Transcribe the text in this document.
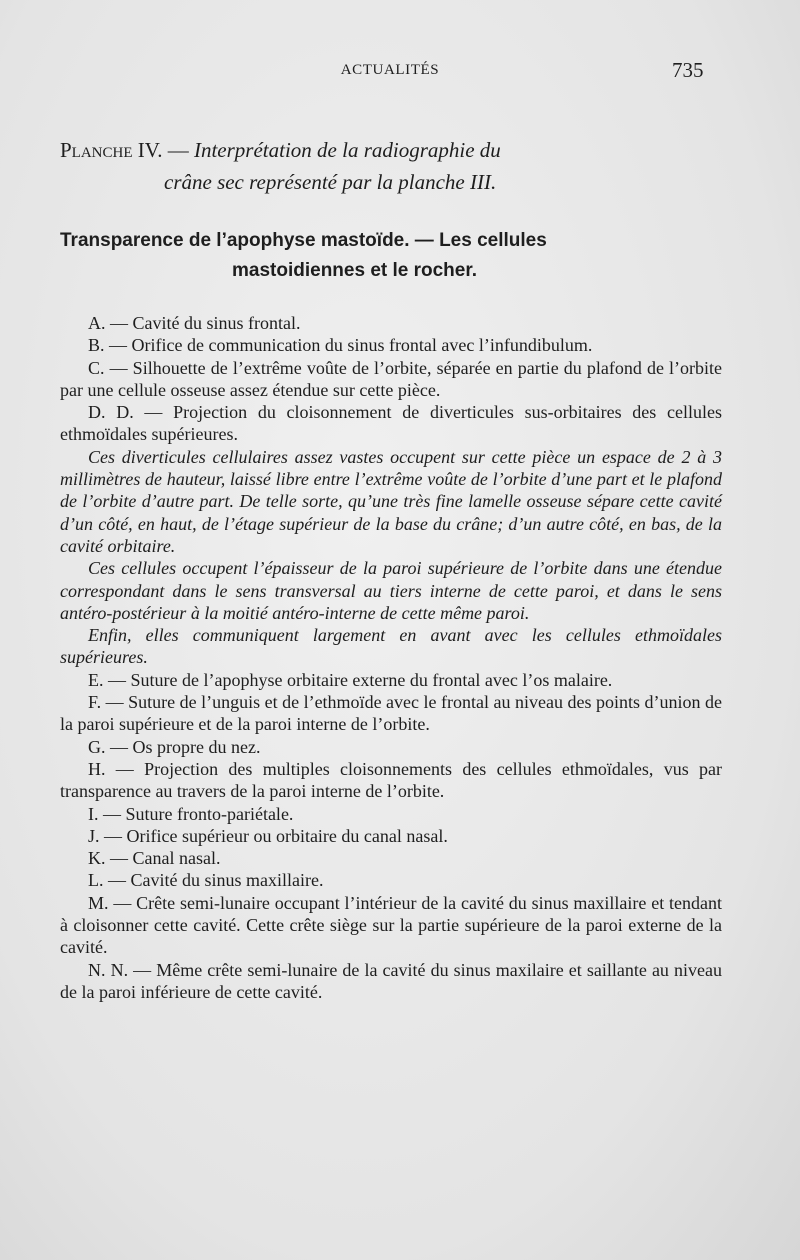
ACTUALITÉS	735
Planche IV. — Interprétation de la radiographie du
crâne sec représenté par la planche III.
Transparence de l’apophyse mastoïde. — Les cellules
mastoidiennes et le rocher.

A. — Cavité du sinus frontal.

B. — Orifice de communication du sinus frontal avec l’infundibulum.

C. — Silhouette de l’extrême voûte de l’orbite, séparée en partie du plafond de l’orbite par une cellule osseuse assez étendue sur cette pièce.

D. D. — Projection du cloisonnement de diverticules sus-orbitaires des cellules ethmoïdales supérieures.

Ces diverticules cellulaires assez vastes occupent sur cette pièce un espace de 2 à 3 millimètres de hauteur, laissé libre entre l’extrême voûte de l’orbite d’une part et le plafond de l’orbite d’autre part. De telle sorte, qu’une très fine lamelle osseuse sépare cette cavité d’un côté, en haut, de l’étage supérieur de la base du crâne; d’un autre côté, en bas, de la cavité orbitaire.

Ces cellules occupent l’épaisseur de la paroi supérieure de l’orbite dans une étendue correspondant dans le sens transversal au tiers interne de cette paroi, et dans le sens antéro-postérieur à la moitié antéro-interne de cette même paroi.

Enfin, elles communiquent largement en avant avec les cellules ethmoïdales supérieures.

E. — Suture de l’apophyse orbitaire externe du frontal avec l’os malaire.

F. — Suture de l’unguis et de l’ethmoïde avec le frontal au niveau des points d’union de la paroi supérieure et de la paroi interne de l’orbite.

G. — Os propre du nez.

H. — Projection des multiples cloisonnements des cellules ethmoïdales, vus par transparence au travers de la paroi interne de l’orbite.

I. — Suture fronto-pariétale.

J. — Orifice supérieur ou orbitaire du canal nasal.

K. — Canal nasal.

L. — Cavité du sinus maxillaire.

M. — Crête semi-lunaire occupant l’intérieur de la cavité du sinus maxillaire et tendant à cloisonner cette cavité. Cette crête siège sur la partie supérieure de la paroi externe de la cavité.

N. N. — Même crête semi-lunaire de la cavité du sinus maxilaire et saillante au niveau de la paroi inférieure de cette cavité.
